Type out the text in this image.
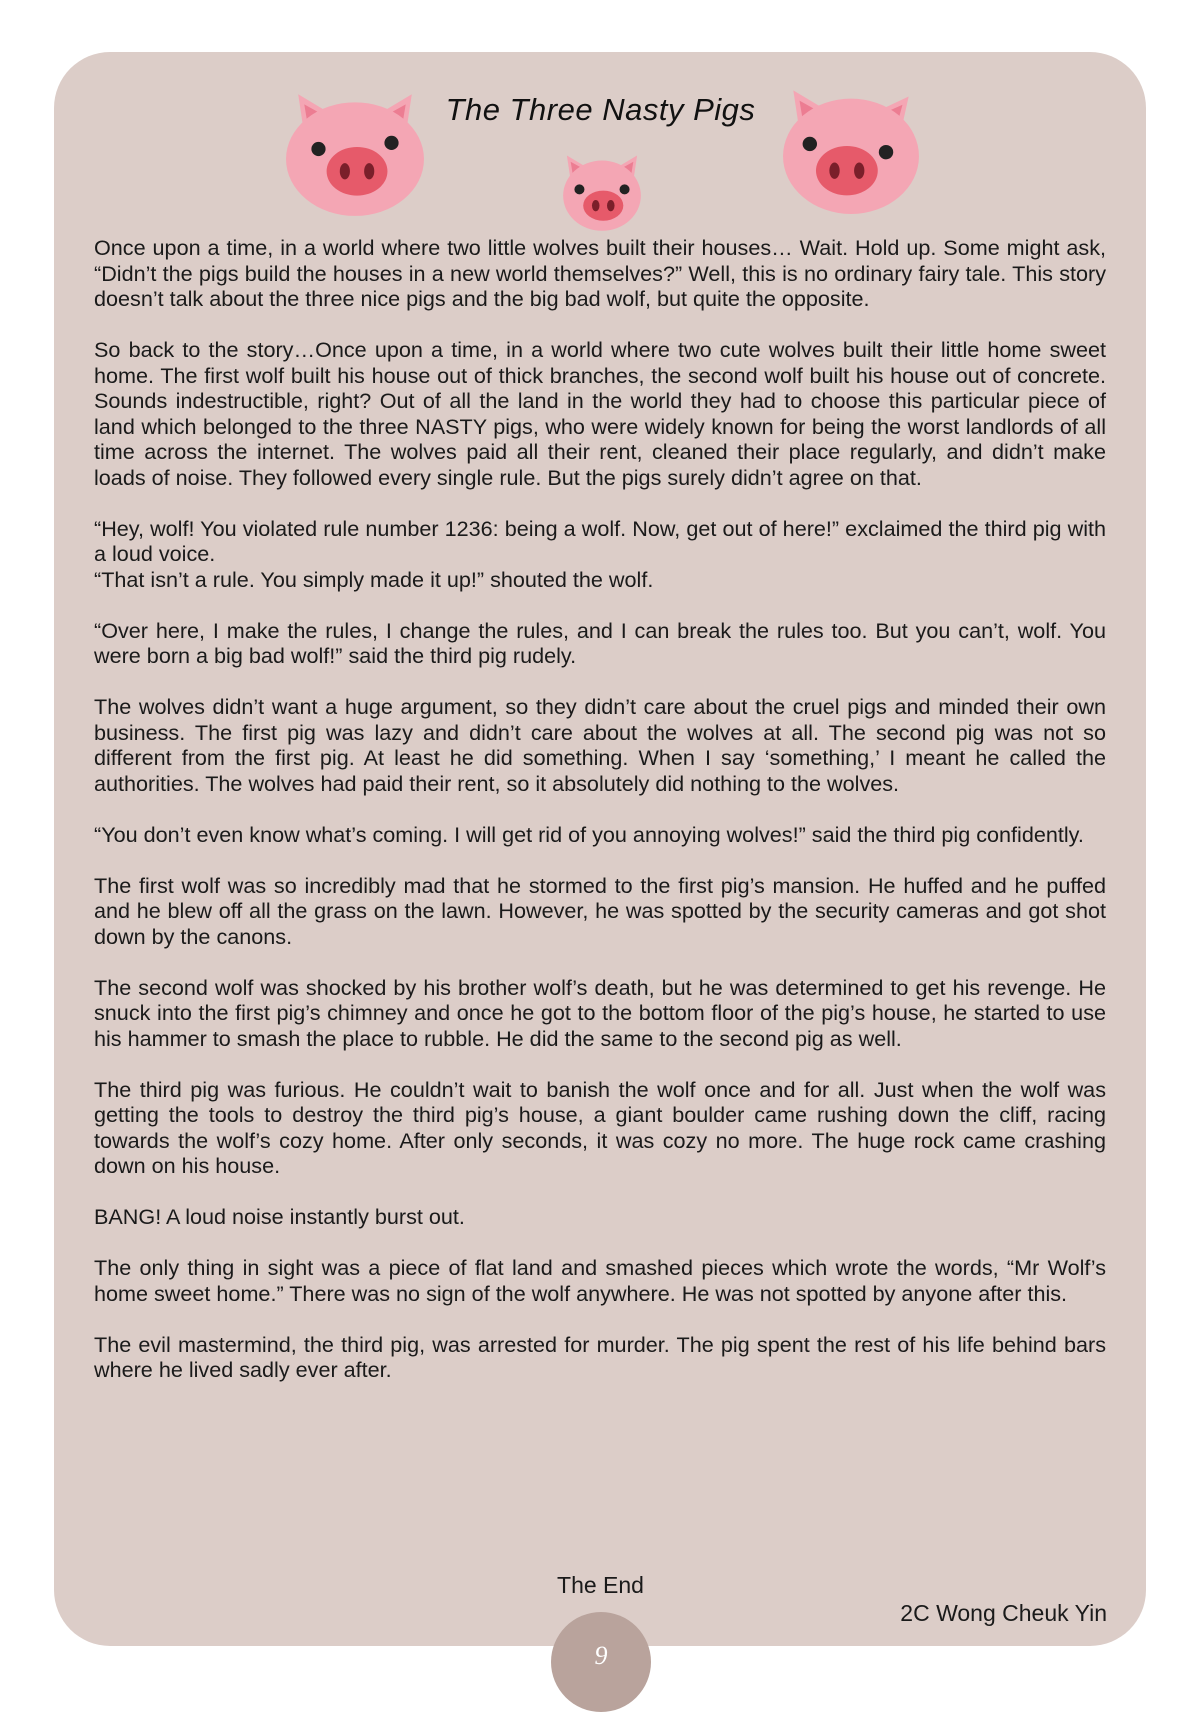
The Three Nasty Pigs

Once upon a time, in a world where two little wolves built their houses… Wait. Hold up. Some might ask, “Didn’t the pigs build the houses in a new world themselves?” Well, this is no ordinary fairy tale. This story doesn’t talk about the three nice pigs and the big bad wolf, but quite the opposite.

So back to the story…Once upon a time, in a world where two cute wolves built their little home sweet home. The first wolf built his house out of thick branches, the second wolf built his house out of concrete. Sounds indestructible, right? Out of all the land in the world they had to choose this particular piece of land which belonged to the three NASTY pigs, who were widely known for being the worst landlords of all time across the internet. The wolves paid all their rent, cleaned their place regularly, and didn’t make loads of noise. They followed every single rule. But the pigs surely didn’t agree on that.

“Hey, wolf! You violated rule number 1236: being a wolf. Now, get out of here!” exclaimed the third pig with a loud voice.

“That isn’t a rule. You simply made it up!” shouted the wolf.

“Over here, I make the rules, I change the rules, and I can break the rules too. But you can’t, wolf. You were born a big bad wolf!” said the third pig rudely.

The wolves didn’t want a huge argument, so they didn’t care about the cruel pigs and minded their own business. The first pig was lazy and didn’t care about the wolves at all. The second pig was not so different from the first pig. At least he did something. When I say ‘something,’ I meant he called the authorities. The wolves had paid their rent, so it absolutely did nothing to the wolves.

“You don’t even know what’s coming. I will get rid of you annoying wolves!” said the third pig confidently.

The first wolf was so incredibly mad that he stormed to the first pig’s mansion. He huffed and he puffed and he blew off all the grass on the lawn. However, he was spotted by the security cameras and got shot down by the canons.

The second wolf was shocked by his brother wolf’s death, but he was determined to get his revenge. He snuck into the first pig’s chimney and once he got to the bottom floor of the pig’s house, he started to use his hammer to smash the place to rubble. He did the same to the second pig as well.

The third pig was furious. He couldn’t wait to banish the wolf once and for all. Just when the wolf was getting the tools to destroy the third pig’s house, a giant boulder came rushing down the cliff, racing towards the wolf’s cozy home. After only seconds, it was cozy no more. The huge rock came crashing down on his house.

BANG! A loud noise instantly burst out.

The only thing in sight was a piece of flat land and smashed pieces which wrote the words, “Mr Wolf’s home sweet home.” There was no sign of the wolf anywhere. He was not spotted by anyone after this.

The evil mastermind, the third pig, was arrested for murder. The pig spent the rest of his life behind bars where he lived sadly ever after.

The End
2C Wong Cheuk Yin
9
